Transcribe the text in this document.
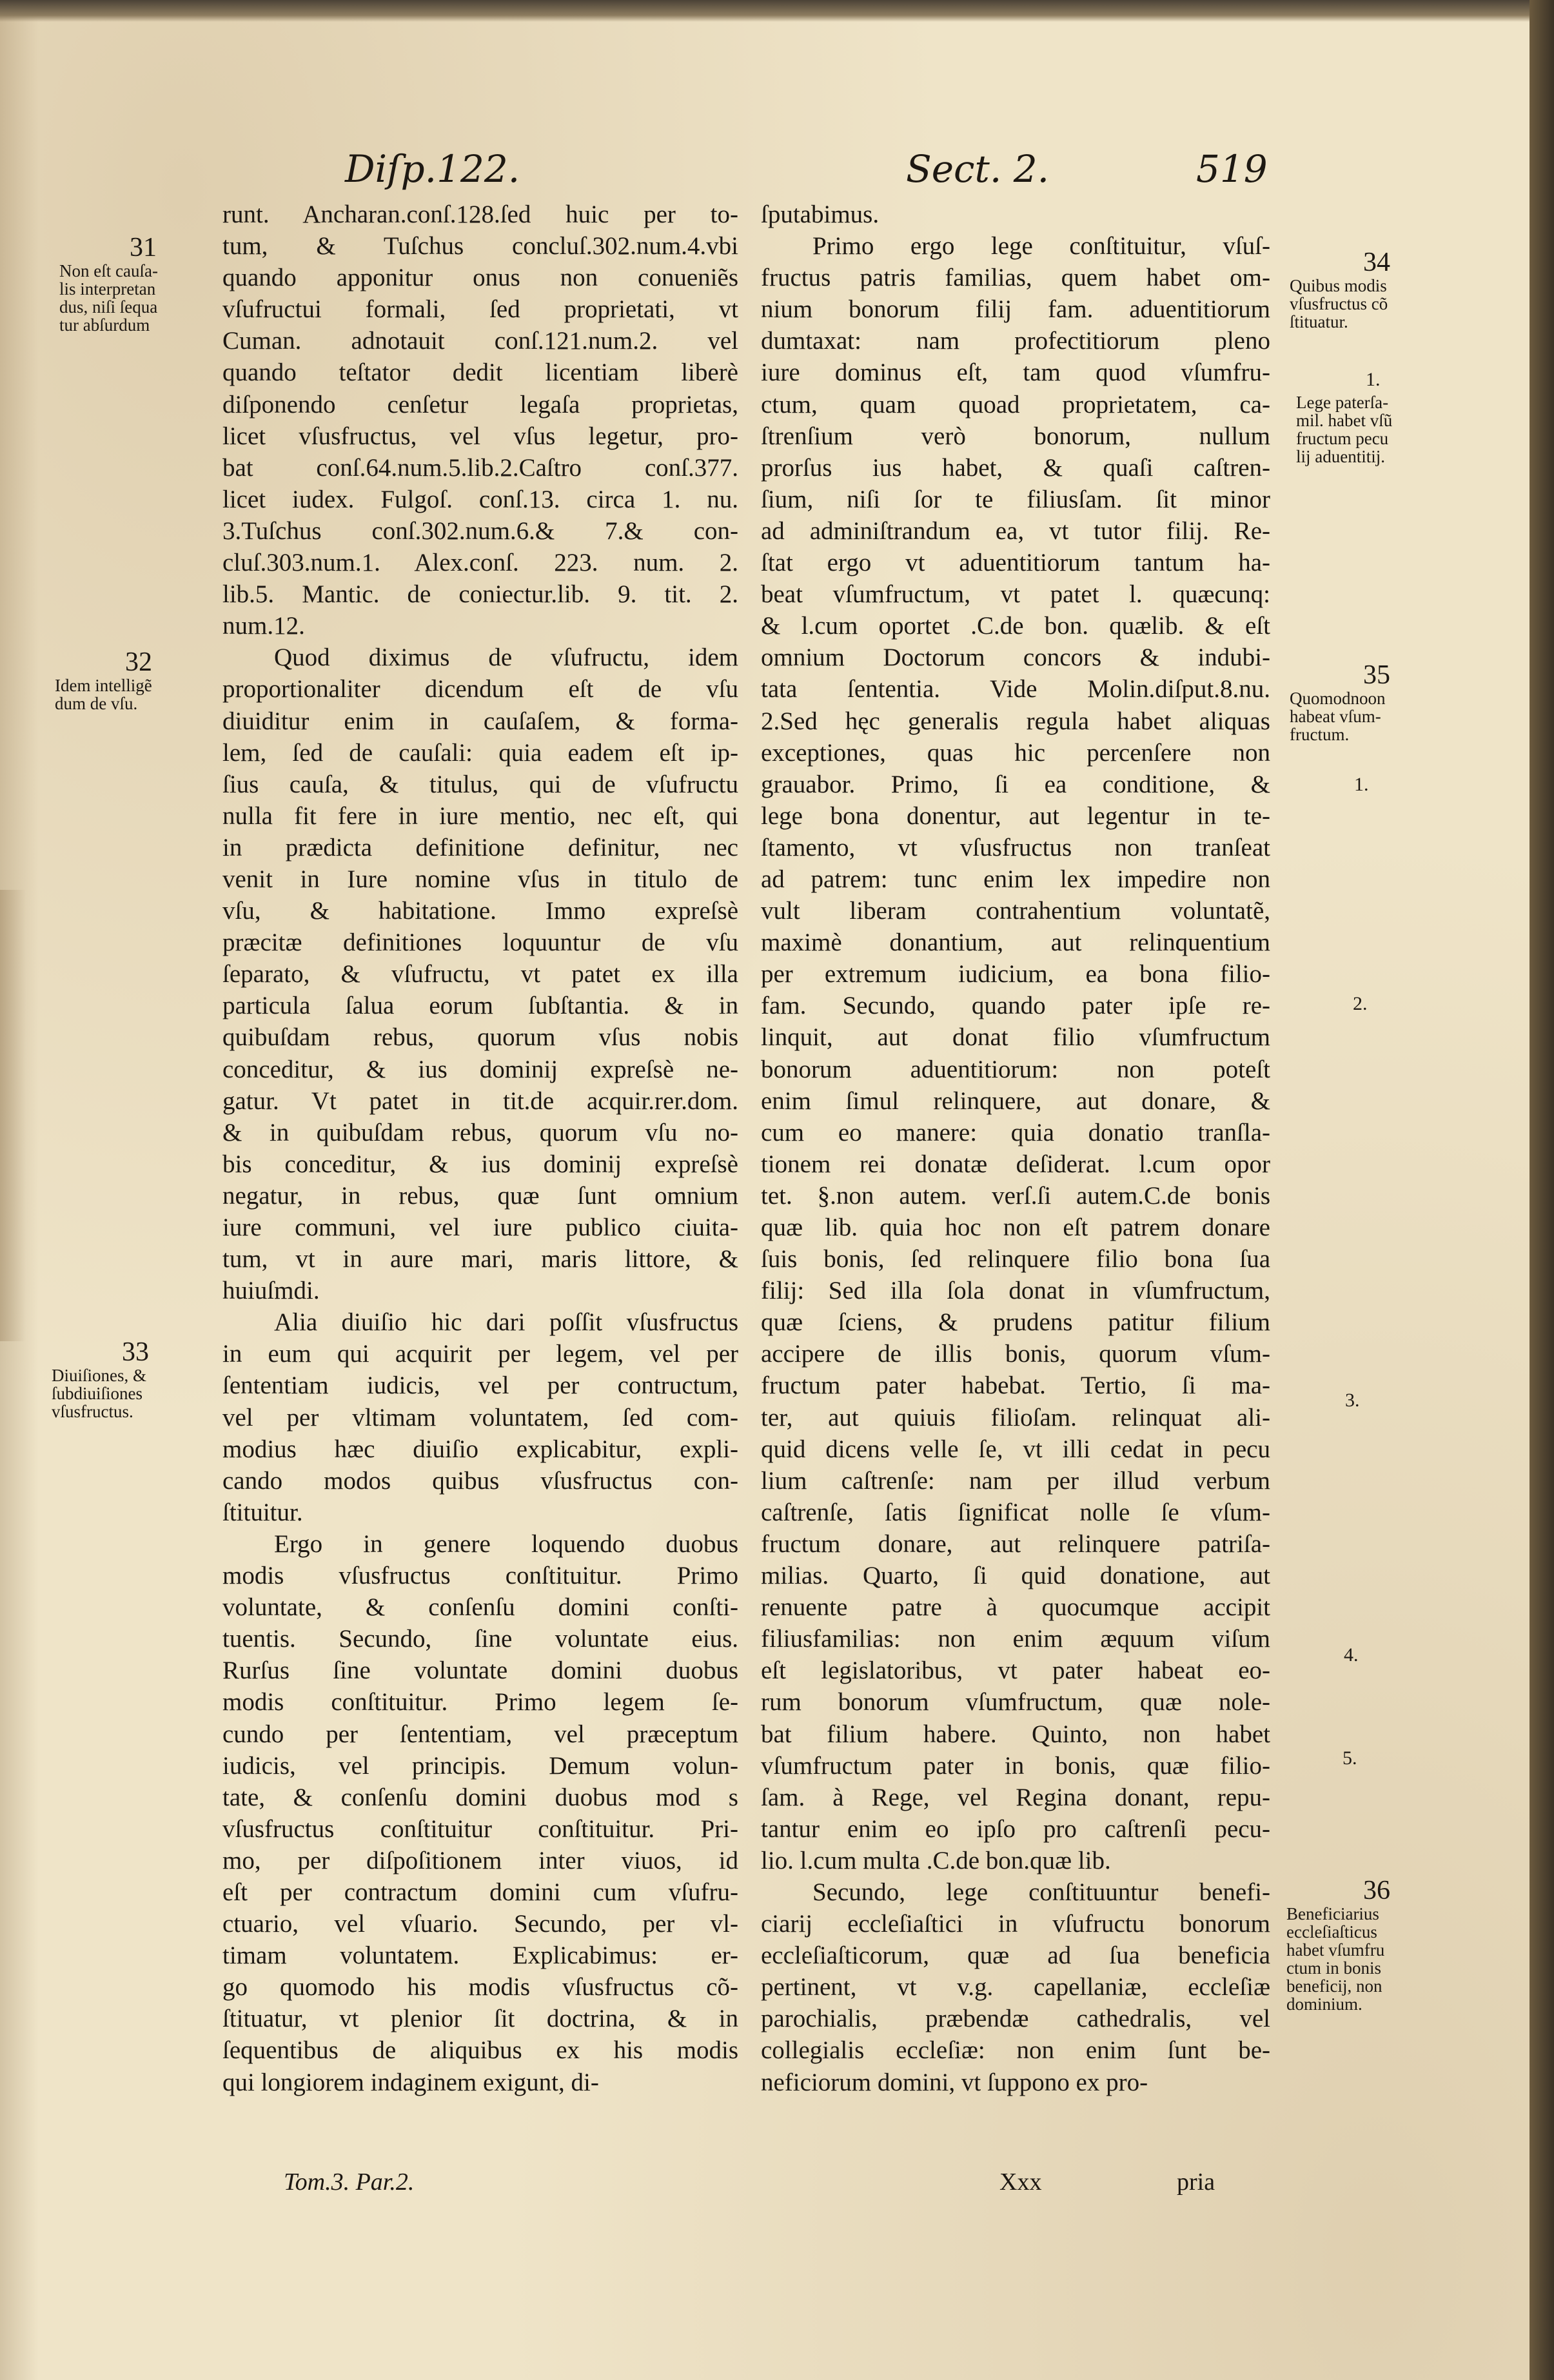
Diſp.122.	Sect. 2.	519
runt. Ancharan.conſ.128.ſed huic per to-
tum, & Tuſchus concluſ.302.num.4.vbi
quando apponitur onus non conueniẽs
vſufructui formali, ſed proprietati, vt
Cuman. adnotauit conſ.121.num.2. vel
quando teſtator dedit licentiam liberè
diſponendo cenſetur legaſa proprietas,
licet vſusfructus, vel vſus legetur, pro-
bat conſ.64.num.5.lib.2.Caſtro conſ.377.
licet iudex. Fulgoſ. conſ.13. circa 1. nu.
3.Tuſchus conſ.302.num.6.& 7.& con-
cluſ.303.num.1. Alex.conſ. 223. num. 2.
lib.5. Mantic. de coniectur.lib. 9. tit. 2.
num.12.
Quod diximus de vſufructu, idem
proportionaliter dicendum eſt de vſu
diuiditur enim in cauſaſem, & forma-
lem, ſed de cauſali: quia eadem eſt ip-
ſius cauſa, & titulus, qui de vſufructu
nulla fit fere in iure mentio, nec eſt, qui
in prædicta definitione definitur, nec
venit in Iure nomine vſus in titulo de
vſu, & habitatione. Immo expreſsè
præcitæ definitiones loquuntur de vſu
ſeparato, & vſufructu, vt patet ex illa
particula ſalua eorum ſubſtantia. & in
quibuſdam rebus, quorum vſus nobis
conceditur, & ius dominij expreſsè ne-
gatur. Vt patet in tit.de acquir.rer.dom.
& in quibuſdam rebus, quorum vſu no-
bis conceditur, & ius dominij expreſsè
negatur, in rebus, quæ ſunt omnium
iure communi, vel iure publico ciuita-
tum, vt in aure mari, maris littore, &
huiuſmdi.
Alia diuiſio hic dari poſſit vſusfructus
in eum qui acquirit per legem, vel per
ſententiam iudicis, vel per contructum,
vel per vltimam voluntatem, ſed com-
modius hæc diuiſio explicabitur, expli-
cando modos quibus vſusfructus con-
ſtituitur.
Ergo in genere loquendo duobus
modis vſusfructus conſtituitur. Primo
voluntate, & conſenſu domini conſti-
tuentis. Secundo, ſine voluntate eius.
Rurſus ſine voluntate domini duobus
modis conſtituitur. Primo legem ſe-
cundo per ſententiam, vel præceptum
iudicis, vel principis. Demum volun-
tate, & conſenſu domini duobus mod s
vſusfructus conſtituitur conſtituitur. Pri-
mo, per diſpoſitionem inter viuos, id
eſt per contractum domini cum vſufru-
ctuario, vel vſuario. Secundo, per vl-
timam voluntatem. Explicabimus: er-
go quomodo his modis vſusfructus cõ-
ſtituatur, vt plenior ſit doctrina, & in
ſequentibus de aliquibus ex his modis
qui longiorem indaginem exigunt, di-
ſputabimus.
Primo ergo lege conſtituitur, vſuſ-
fructus patris familias, quem habet om-
nium bonorum filij fam. aduentitiorum
dumtaxat: nam profectitiorum pleno
iure dominus eſt, tam quod vſumfru-
ctum, quam quoad proprietatem, ca-
ſtrenſium verò bonorum, nullum
prorſus ius habet, & quaſi caſtren-
ſium, niſi ſor te filiusſam. ſit minor
ad adminiſtrandum ea, vt tutor filij. Re-
ſtat ergo vt aduentitiorum tantum ha-
beat vſumfructum, vt patet l. quæcunq:
& l.cum oportet .C.de bon. quælib. & eſt
omnium Doctorum concors & indubi-
tata ſententia. Vide Molin.diſput.8.nu.
2.Sed hęc generalis regula habet aliquas
exceptiones, quas hic percenſere non
grauabor. Primo, ſi ea conditione, &
lege bona donentur, aut legentur in te-
ſtamento, vt vſusfructus non tranſeat
ad patrem: tunc enim lex impedire non
vult liberam contrahentium voluntatẽ,
maximè donantium, aut relinquentium
per extremum iudicium, ea bona filio-
fam. Secundo, quando pater ipſe re-
linquit, aut donat filio vſumfructum
bonorum aduentitiorum: non poteſt
enim ſimul relinquere, aut donare, &
cum eo manere: quia donatio tranſla-
tionem rei donatæ deſiderat. l.cum opor
tet. §.non autem. verſ.ſi autem.C.de bonis
quæ lib. quia hoc non eſt patrem donare
ſuis bonis, ſed relinquere filio bona ſua
filij: Sed illa ſola donat in vſumfructum,
quæ ſciens, & prudens patitur filium
accipere de illis bonis, quorum vſum-
fructum pater habebat. Tertio, ſi ma-
ter, aut quiuis filioſam. relinquat ali-
quid dicens velle ſe, vt illi cedat in pecu
lium caſtrenſe: nam per illud verbum
caſtrenſe, ſatis ſignificat nolle ſe vſum-
fructum donare, aut relinquere patriſa-
milias. Quarto, ſi quid donatione, aut
renuente patre à quocumque accipit
filiusfamilias: non enim æquum viſum
eſt legislatoribus, vt pater habeat eo-
rum bonorum vſumfructum, quæ nole-
bat filium habere. Quinto, non habet
vſumfructum pater in bonis, quæ filio-
ſam. à Rege, vel Regina donant, repu-
tantur enim eo ipſo pro caſtrenſi pecu-
lio. l.cum multa .C.de bon.quæ lib.
Secundo, lege conſtituuntur benefi-
ciarij eccleſiaſtici in vſufructu bonorum
eccleſiaſticorum, quæ ad ſua beneficia
pertinent, vt v.g. capellaniæ, eccleſiæ
parochialis, præbendæ cathedralis, vel
collegialis eccleſiæ: non enim ſunt be-
neficiorum domini, vt ſuppono ex pro-
31
Non eſt cauſa-
lis interpretan
dus, niſi ſequa
tur abſurdum
32
Idem intelligẽ
dum de vſu.
33
Diuiſiones, &
ſubdiuiſiones
vſusfructus.
34
Quibus modis
vſusfructus cõ
ſtituatur.
Lege paterſa-
mil. habet vſũ
fructum pecu
lij aduentitij.
35
Quomodnoon
habeat vſum-
fructum.
36
Beneficiarius
eccleſiaſticus
habet vſumfru
ctum in bonis
beneficij, non
dominium.
1.
1.
2.
3.
4.
5.
Tom.3. Par.2.	Xxx	pria
